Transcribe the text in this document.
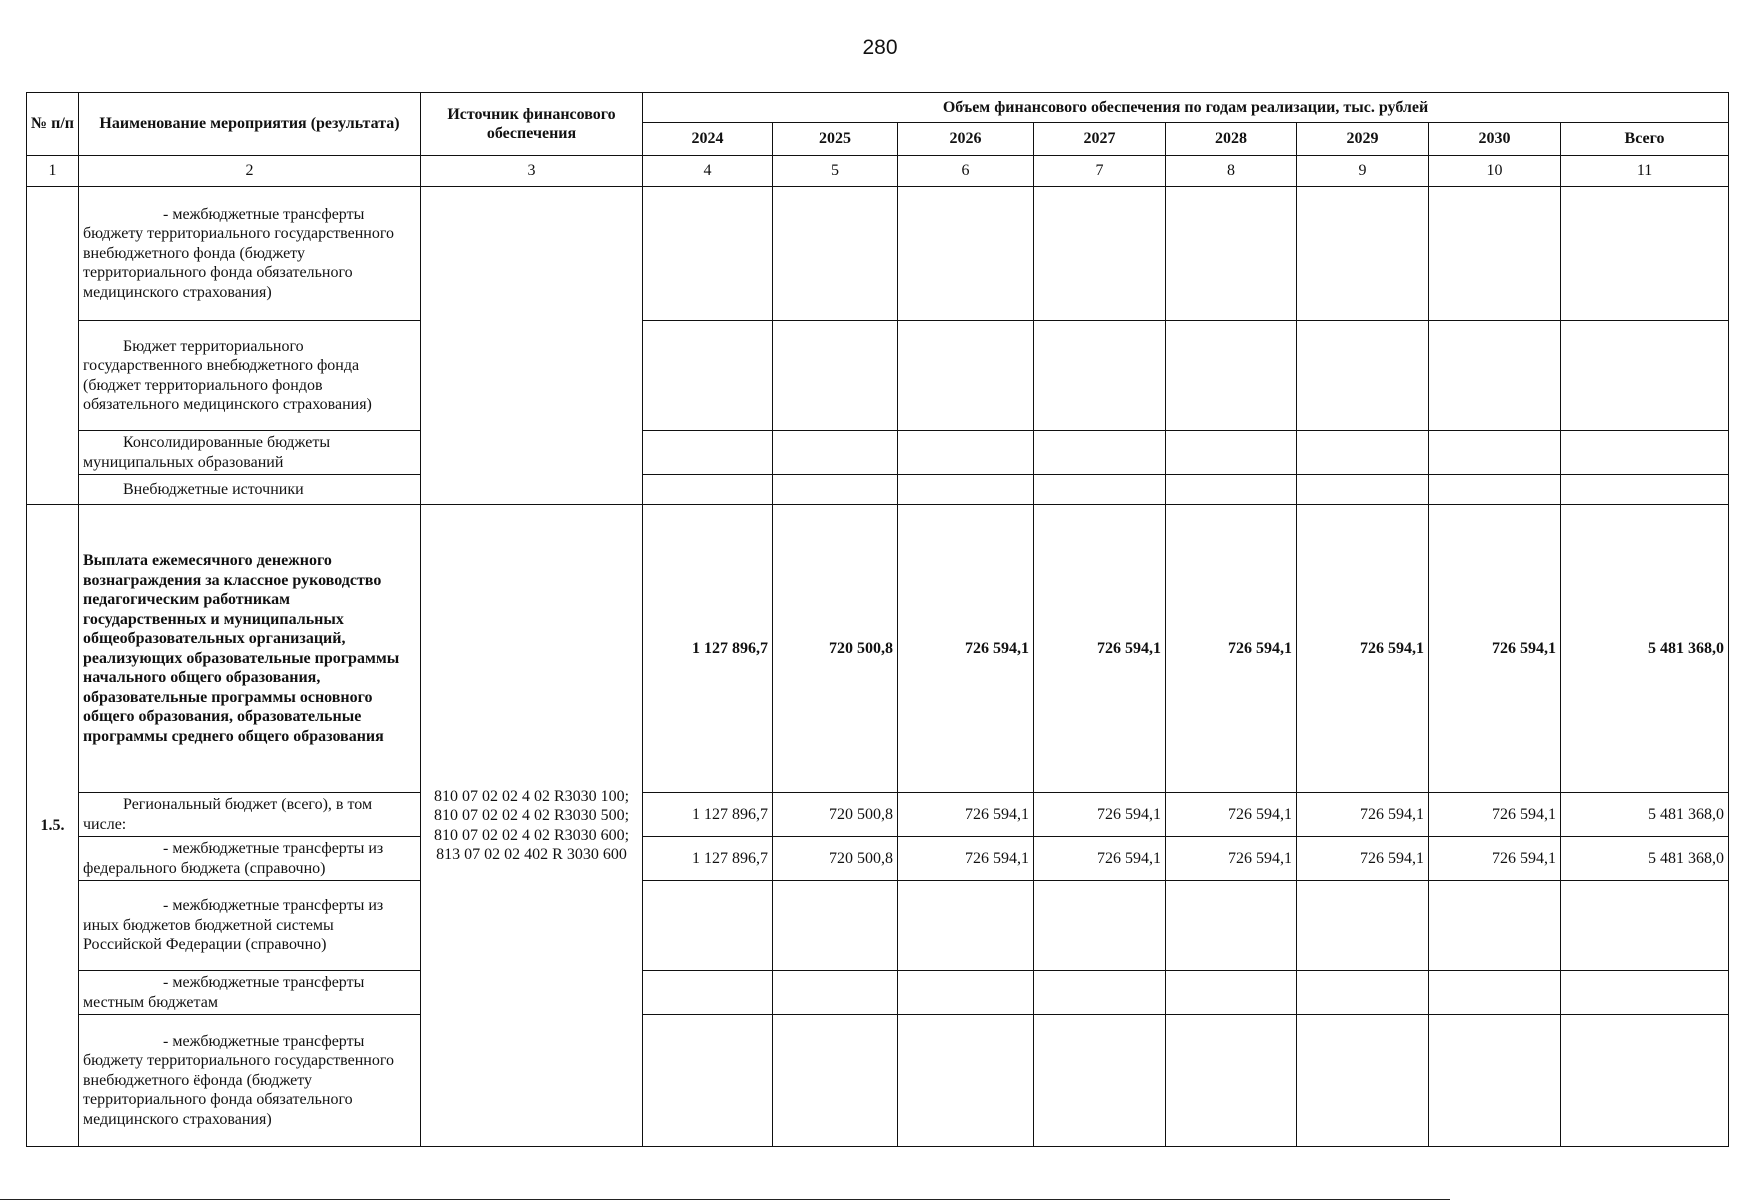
280
№ п/п	Наименование мероприятия (результата)	Источник финансового обеспечения	Объем финансового обеспечения по годам реализации, тыс. рублей							
			2024	2025	2026	2027	2028	2029	2030	Всего
1	2	3	4	5	6	7	8	9	10	11
	- межбюджетные трансферты бюджету территориального государственного внебюджетного фонда (бюджету территориального фонда обязательного медицинского страхования)									
	Бюджет территориального государственного внебюджетного фонда (бюджет территориального фондов обязательного медицинского страхования)									
	Консолидированные бюджеты муниципальных образований									
	Внебюджетные источники									
1.5.	Выплата ежемесячного денежного вознаграждения за классное руководство педагогическим работникам государственных и муниципальных общеобразовательных организаций, реализующих образовательные программы начального общего образования, образовательные программы основного общего образования, образовательные программы среднего общего образования	810 07 02 02 4 02 R3030 100; 810 07 02 02 4 02 R3030 500; 810 07 02 02 4 02 R3030 600; 813 07 02 02 402 R 3030 600	1 127 896,7	720 500,8	726 594,1	726 594,1	726 594,1	726 594,1	726 594,1	5 481 368,0
	Региональный бюджет (всего), в том числе:		1 127 896,7	720 500,8	726 594,1	726 594,1	726 594,1	726 594,1	726 594,1	5 481 368,0
	- межбюджетные трансферты из федерального бюджета (справочно)		1 127 896,7	720 500,8	726 594,1	726 594,1	726 594,1	726 594,1	726 594,1	5 481 368,0
	- межбюджетные трансферты из иных бюджетов бюджетной системы Российской Федерации (справочно)									
	- межбюджетные трансферты местным бюджетам									
	- межбюджетные трансферты бюджету территориального государственного внебюджетного ёфонда (бюджету территориального фонда обязательного медицинского страхования)									
